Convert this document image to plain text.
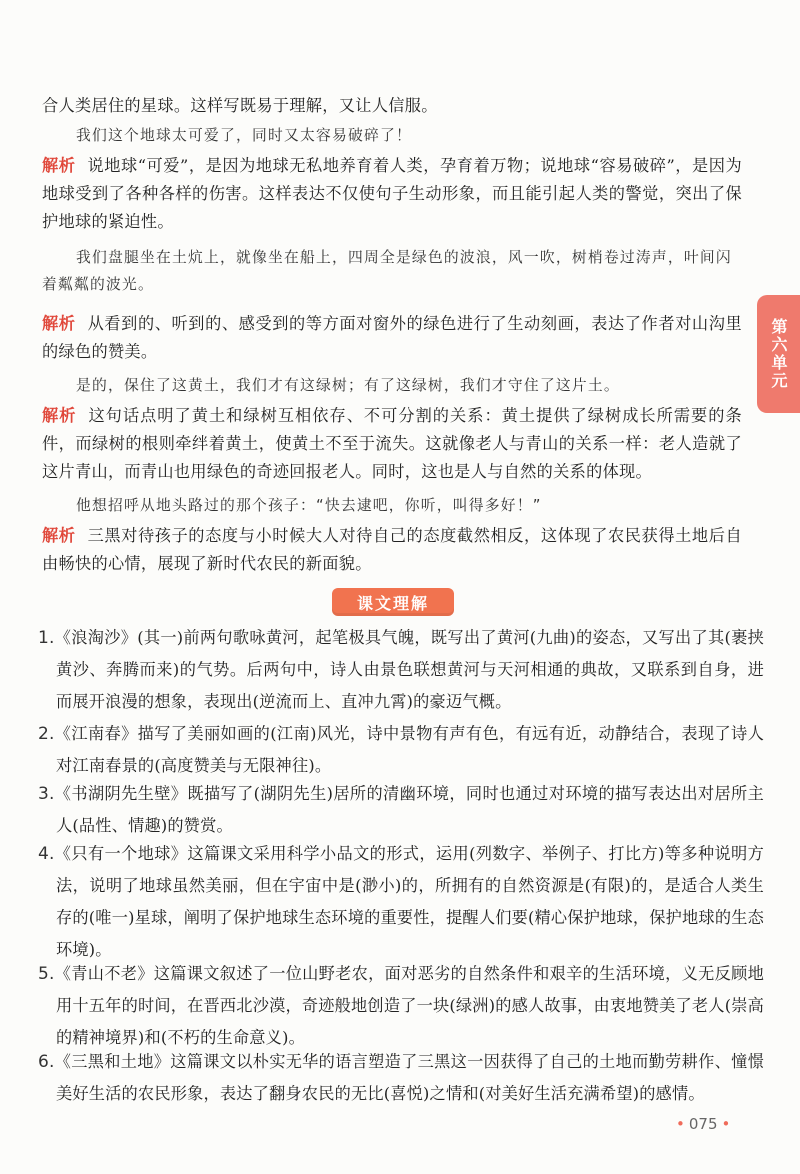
第六单元
合人类居住的星球。这样写既易于理解，又让人信服。
我们这个地球太可爱了，同时又太容易破碎了！
解析 说地球“可爱”，是因为地球无私地养育着人类，孕育着万物；说地球“容易破碎”，是因为地球受到了各种各样的伤害。这样表达不仅使句子生动形象，而且能引起人类的警觉，突出了保护地球的紧迫性。
我们盘腿坐在土炕上，就像坐在船上，四周全是绿色的波浪，风一吹，树梢卷过涛声，叶间闪着粼粼的波光。
解析 从看到的、听到的、感受到的等方面对窗外的绿色进行了生动刻画，表达了作者对山沟里的绿色的赞美。
是的，保住了这黄土，我们才有这绿树；有了这绿树，我们才守住了这片土。
解析 这句话点明了黄土和绿树互相依存、不可分割的关系：黄土提供了绿树成长所需要的条件，而绿树的根则牵绊着黄土，使黄土不至于流失。这就像老人与青山的关系一样：老人造就了这片青山，而青山也用绿色的奇迹回报老人。同时，这也是人与自然的关系的体现。
他想招呼从地头路过的那个孩子：“快去逮吧，你听，叫得多好！”
解析 三黑对待孩子的态度与小时候大人对待自己的态度截然相反，这体现了农民获得土地后自由畅快的心情，展现了新时代农民的新面貌。
课文理解
1.《浪淘沙》(其一)前两句歌咏黄河，起笔极具气魄，既写出了黄河(九曲)的姿态，又写出了其(裹挟黄沙、奔腾而来)的气势。后两句中，诗人由景色联想黄河与天河相通的典故，又联系到自身，进而展开浪漫的想象，表现出(逆流而上、直冲九霄)的豪迈气概。
2.《江南春》描写了美丽如画的(江南)风光，诗中景物有声有色，有远有近，动静结合，表现了诗人对江南春景的(高度赞美与无限神往)。
3.《书湖阴先生壁》既描写了(湖阴先生)居所的清幽环境，同时也通过对环境的描写表达出对居所主人(品性、情趣)的赞赏。
4.《只有一个地球》这篇课文采用科学小品文的形式，运用(列数字、举例子、打比方)等多种说明方法，说明了地球虽然美丽，但在宇宙中是(渺小)的，所拥有的自然资源是(有限)的，是适合人类生存的(唯一)星球，阐明了保护地球生态环境的重要性，提醒人们要(精心保护地球，保护地球的生态环境)。
5.《青山不老》这篇课文叙述了一位山野老农，面对恶劣的自然条件和艰辛的生活环境，义无反顾地用十五年的时间，在晋西北沙漠，奇迹般地创造了一块(绿洲)的感人故事，由衷地赞美了老人(崇高的精神境界)和(不朽的生命意义)。
6.《三黑和土地》这篇课文以朴实无华的语言塑造了三黑这一因获得了自己的土地而勤劳耕作、憧憬美好生活的农民形象，表达了翻身农民的无比(喜悦)之情和(对美好生活充满希望)的感情。
• 075 •
